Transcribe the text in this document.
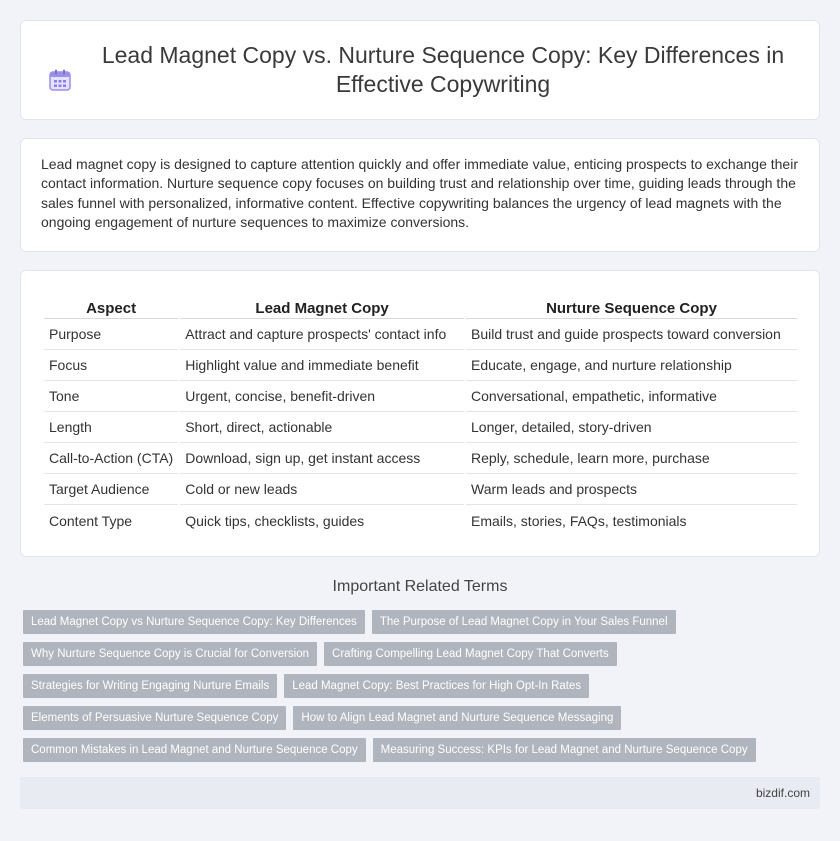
Lead Magnet Copy vs. Nurture Sequence Copy: Key Differences in Effective Copywriting

Lead magnet copy is designed to capture attention quickly and offer immediate value, enticing prospects to exchange their contact information. Nurture sequence copy focuses on building trust and relationship over time, guiding leads through the sales funnel with personalized, informative content. Effective copywriting balances the urgency of lead magnets with the ongoing engagement of nurture sequences to maximize conversions.

Aspect	Lead Magnet Copy	Nurture Sequence Copy
Purpose	Attract and capture prospects' contact info	Build trust and guide prospects toward conversion
Focus	Highlight value and immediate benefit	Educate, engage, and nurture relationship
Tone	Urgent, concise, benefit-driven	Conversational, empathetic, informative
Length	Short, direct, actionable	Longer, detailed, story-driven
Call-to-Action (CTA)	Download, sign up, get instant access	Reply, schedule, learn more, purchase
Target Audience	Cold or new leads	Warm leads and prospects
Content Type	Quick tips, checklists, guides	Emails, stories, FAQs, testimonials
Important Related Terms
Lead Magnet Copy vs Nurture Sequence Copy: Key Differences	The Purpose of Lead Magnet Copy in Your Sales Funnel
Why Nurture Sequence Copy is Crucial for Conversion	Crafting Compelling Lead Magnet Copy That Converts
Strategies for Writing Engaging Nurture Emails	Lead Magnet Copy: Best Practices for High Opt-In Rates
Elements of Persuasive Nurture Sequence Copy	How to Align Lead Magnet and Nurture Sequence Messaging
Common Mistakes in Lead Magnet and Nurture Sequence Copy	Measuring Success: KPIs for Lead Magnet and Nurture Sequence Copy
bizdif.com
